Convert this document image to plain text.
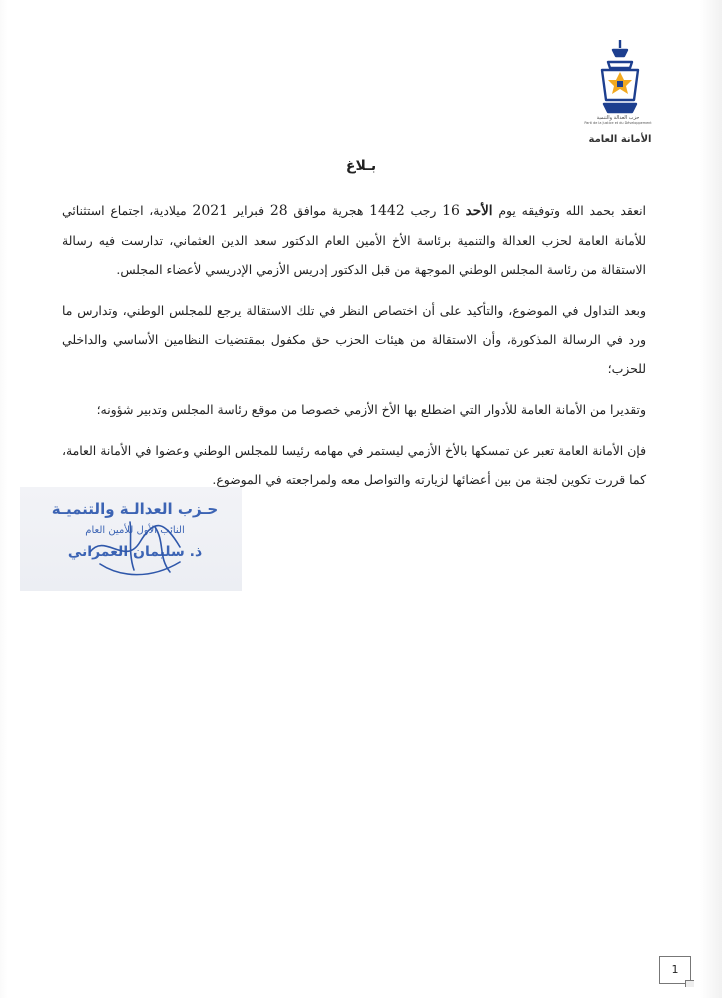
حزب العدالة والتنمية
Parti de la Justice et du Développement
الأمانة العامة
بـلاغ

انعقد بحمد الله وتوفيقه يوم الأحد 16 رجب 1442 هجرية موافق 28 فبراير 2021 ميلادية، اجتماع استثنائي للأمانة العامة لحزب العدالة والتنمية برئاسة الأخ الأمين العام الدكتور سعد الدين العثماني، تدارست فيه رسالة الاستقالة من رئاسة المجلس الوطني الموجهة من قبل الدكتور إدريس الأزمي الإدريسي لأعضاء المجلس.

وبعد التداول في الموضوع، والتأكيد على أن اختصاص النظر في تلك الاستقالة يرجع للمجلس الوطني، وتدارس ما ورد في الرسالة المذكورة، وأن الاستقالة من هيئات الحزب حق مكفول بمقتضيات النظامين الأساسي والداخلي للحزب؛

وتقديرا من الأمانة العامة للأدوار التي اضطلع بها الأخ الأزمي خصوصا من موقع رئاسة المجلس وتدبير شؤونه؛

فإن الأمانة العامة تعبر عن تمسكها بالأخ الأزمي ليستمر في مهامه رئيسا للمجلس الوطني وعضوا في الأمانة العامة، كما قررت تكوين لجنة من بين أعضائها لزيارته والتواصل معه ولمراجعته في الموضوع.

حـزب العدالـة والتنميـة
النائب الأول للأمين العام
ذ. سليمان العمراني
1
